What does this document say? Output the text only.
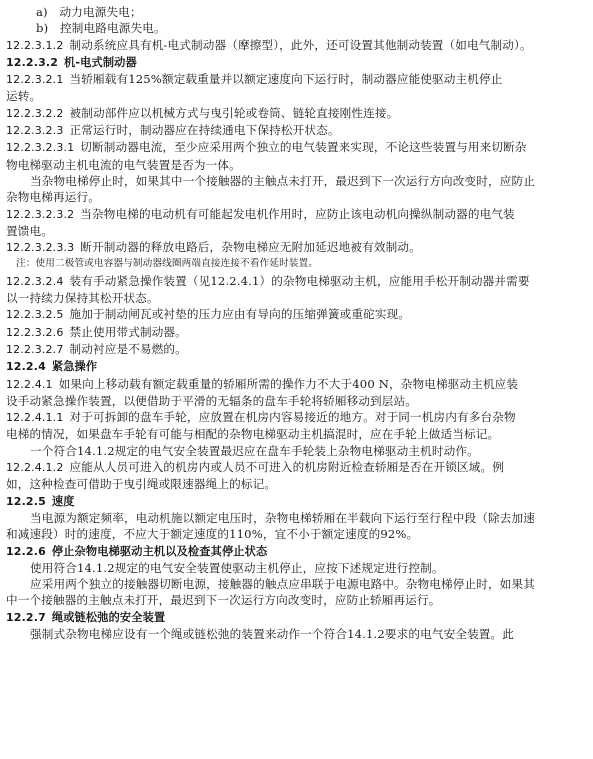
a)　动力电源失电；

b)　控制电路电源失电。

12.2.3.1.2 制动系统应具有机-电式制动器（摩擦型），此外，还可设置其他制动装置（如电气制动）。

12.2.3.2 机-电式制动器

12.2.3.2.1 当轿厢载有125%额定载重量并以额定速度向下运行时，制动器应能使驱动主机停止

运转。

12.2.3.2.2 被制动部件应以机械方式与曳引轮或卷筒、链轮直接刚性连接。

12.2.3.2.3 正常运行时，制动器应在持续通电下保持松开状态。

12.2.3.2.3.1 切断制动器电流，至少应采用两个独立的电气装置来实现，不论这些装置与用来切断杂

物电梯驱动主机电流的电气装置是否为一体。

当杂物电梯停止时，如果其中一个接触器的主触点未打开，最迟到下一次运行方向改变时，应防止

杂物电梯再运行。

12.2.3.2.3.2 当杂物电梯的电动机有可能起发电机作用时，应防止该电动机向操纵制动器的电气装

置馈电。

12.2.3.2.3.3 断开制动器的释放电路后，杂物电梯应无附加延迟地被有效制动。

注：使用二极管或电容器与制动器线圈两端直接连接不看作延时装置。

12.2.3.2.4 装有手动紧急操作装置（见12.2.4.1）的杂物电梯驱动主机，应能用手松开制动器并需要

以一持续力保持其松开状态。

12.2.3.2.5 施加于制动闸瓦或衬垫的压力应由有导向的压缩弹簧或重砣实现。

12.2.3.2.6 禁止使用带式制动器。

12.2.3.2.7 制动衬应是不易燃的。

12.2.4 紧急操作

12.2.4.1 如果向上移动载有额定载重量的轿厢所需的操作力不大于400 N，杂物电梯驱动主机应装

设手动紧急操作装置，以便借助于平滑的无辐条的盘车手轮将轿厢移动到层站。

12.2.4.1.1 对于可拆卸的盘车手轮，应放置在机房内容易接近的地方。对于同一机房内有多台杂物

电梯的情况，如果盘车手轮有可能与相配的杂物电梯驱动主机搞混时，应在手轮上做适当标记。

一个符合14.1.2规定的电气安全装置最迟应在盘车手轮装上杂物电梯驱动主机时动作。

12.2.4.1.2 应能从人员可进入的机房内或人员不可进入的机房附近检查轿厢是否在开锁区域。例

如，这种检查可借助于曳引绳或限速器绳上的标记。

12.2.5 速度

当电源为额定频率，电动机施以额定电压时，杂物电梯轿厢在半载向下运行至行程中段（除去加速

和减速段）时的速度，不应大于额定速度的110%，宜不小于额定速度的92%。

12.2.6 停止杂物电梯驱动主机以及检查其停止状态

使用符合14.1.2规定的电气安全装置使驱动主机停止，应按下述规定进行控制。

应采用两个独立的接触器切断电源，接触器的触点应串联于电源电路中。杂物电梯停止时，如果其

中一个接触器的主触点未打开，最迟到下一次运行方向改变时，应防止轿厢再运行。

12.2.7 绳或链松弛的安全装置

强制式杂物电梯应设有一个绳或链松弛的装置来动作一个符合14.1.2要求的电气安全装置。此
